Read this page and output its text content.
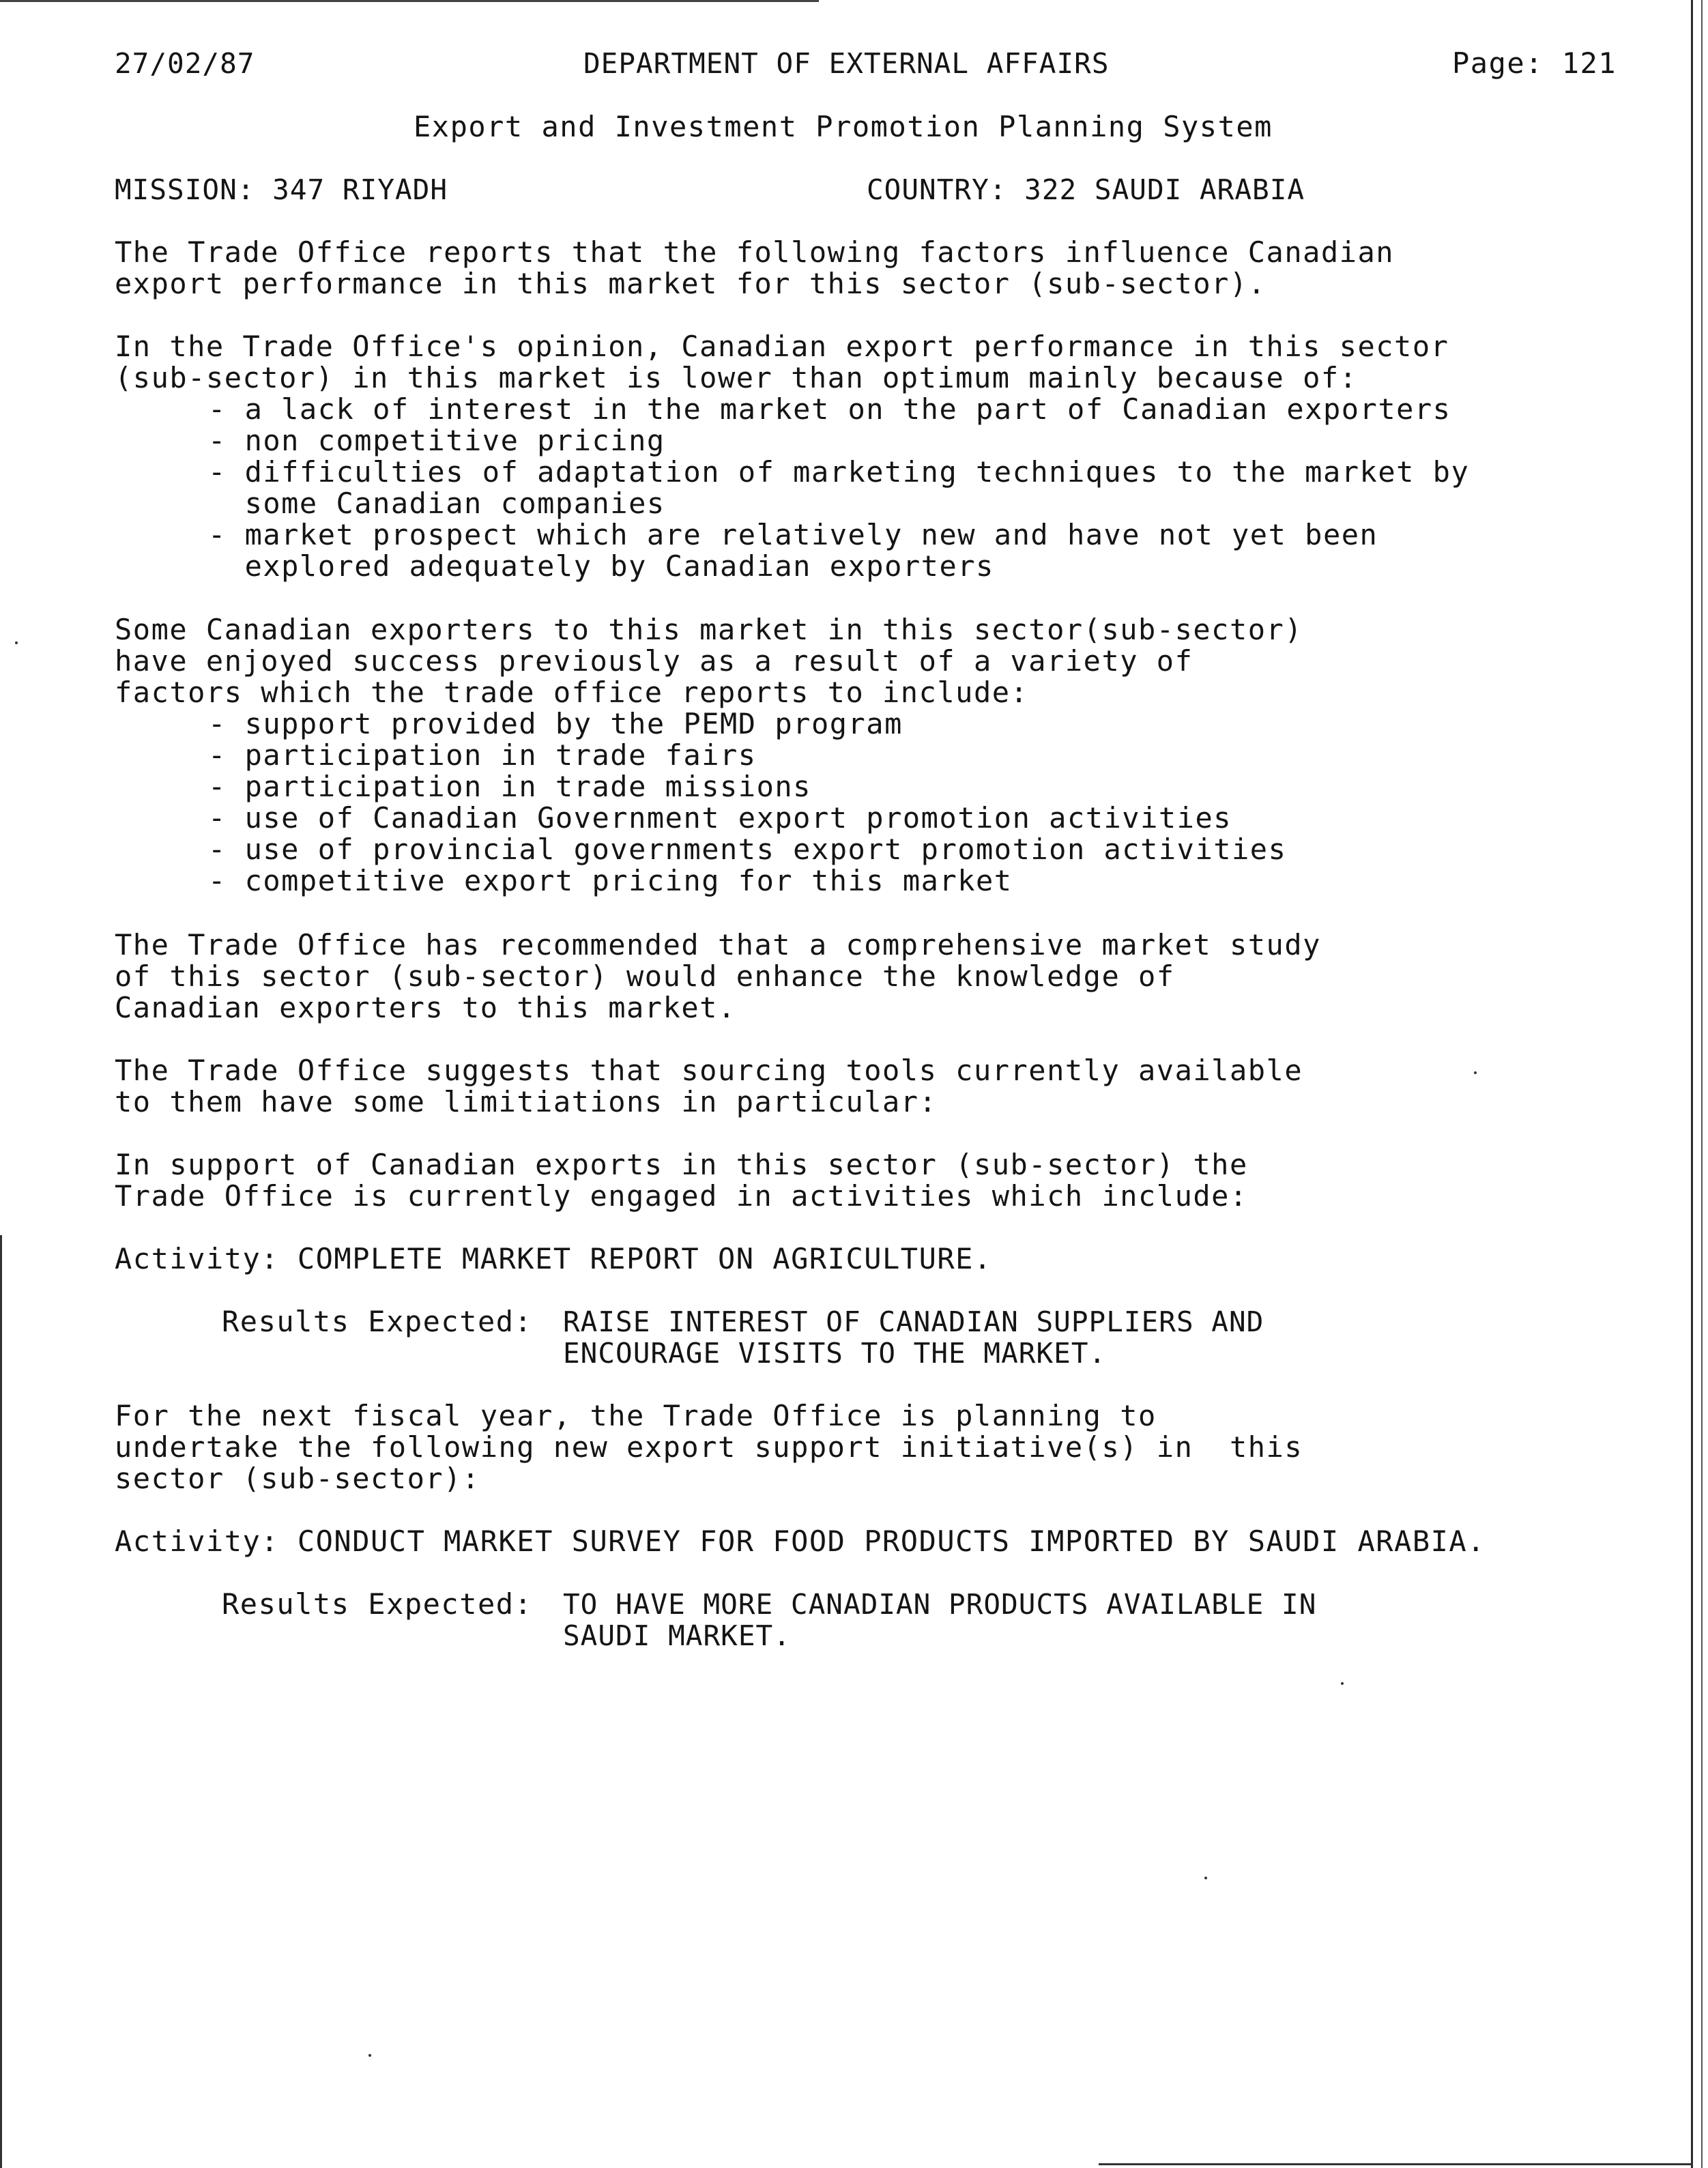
27/02/87	DEPARTMENT OF EXTERNAL AFFAIRS	Page: 121
Export and Investment Promotion Planning System
MISSION: 347 RIYADH	COUNTRY: 322 SAUDI ARABIA
The Trade Office reports that the following factors influence Canadian
export performance in this market for this sector (sub-sector).
In the Trade Office's opinion, Canadian export performance in this sector
(sub-sector) in this market is lower than optimum mainly because of:
- a lack of interest in the market on the part of Canadian exporters
- non competitive pricing
- difficulties of adaptation of marketing techniques to the market by
some Canadian companies
- market prospect which are relatively new and have not yet been
explored adequately by Canadian exporters
Some Canadian exporters to this market in this sector(sub-sector)
have enjoyed success previously as a result of a variety of
factors which the trade office reports to include:
- support provided by the PEMD program
- participation in trade fairs
- participation in trade missions
- use of Canadian Government export promotion activities
- use of provincial governments export promotion activities
- competitive export pricing for this market
The Trade Office has recommended that a comprehensive market study
of this sector (sub-sector) would enhance the knowledge of
Canadian exporters to this market.
The Trade Office suggests that sourcing tools currently available
to them have some limitiations in particular:
In support of Canadian exports in this sector (sub-sector) the
Trade Office is currently engaged in activities which include:
Activity: COMPLETE MARKET REPORT ON AGRICULTURE.
Results Expected: RAISE INTEREST OF CANADIAN SUPPLIERS AND
ENCOURAGE VISITS TO THE MARKET.
For the next fiscal year, the Trade Office is planning to
undertake the following new export support initiative(s) in  this
sector (sub-sector):
Activity: CONDUCT MARKET SURVEY FOR FOOD PRODUCTS IMPORTED BY SAUDI ARABIA.
Results Expected: TO HAVE MORE CANADIAN PRODUCTS AVAILABLE IN
SAUDI MARKET.
